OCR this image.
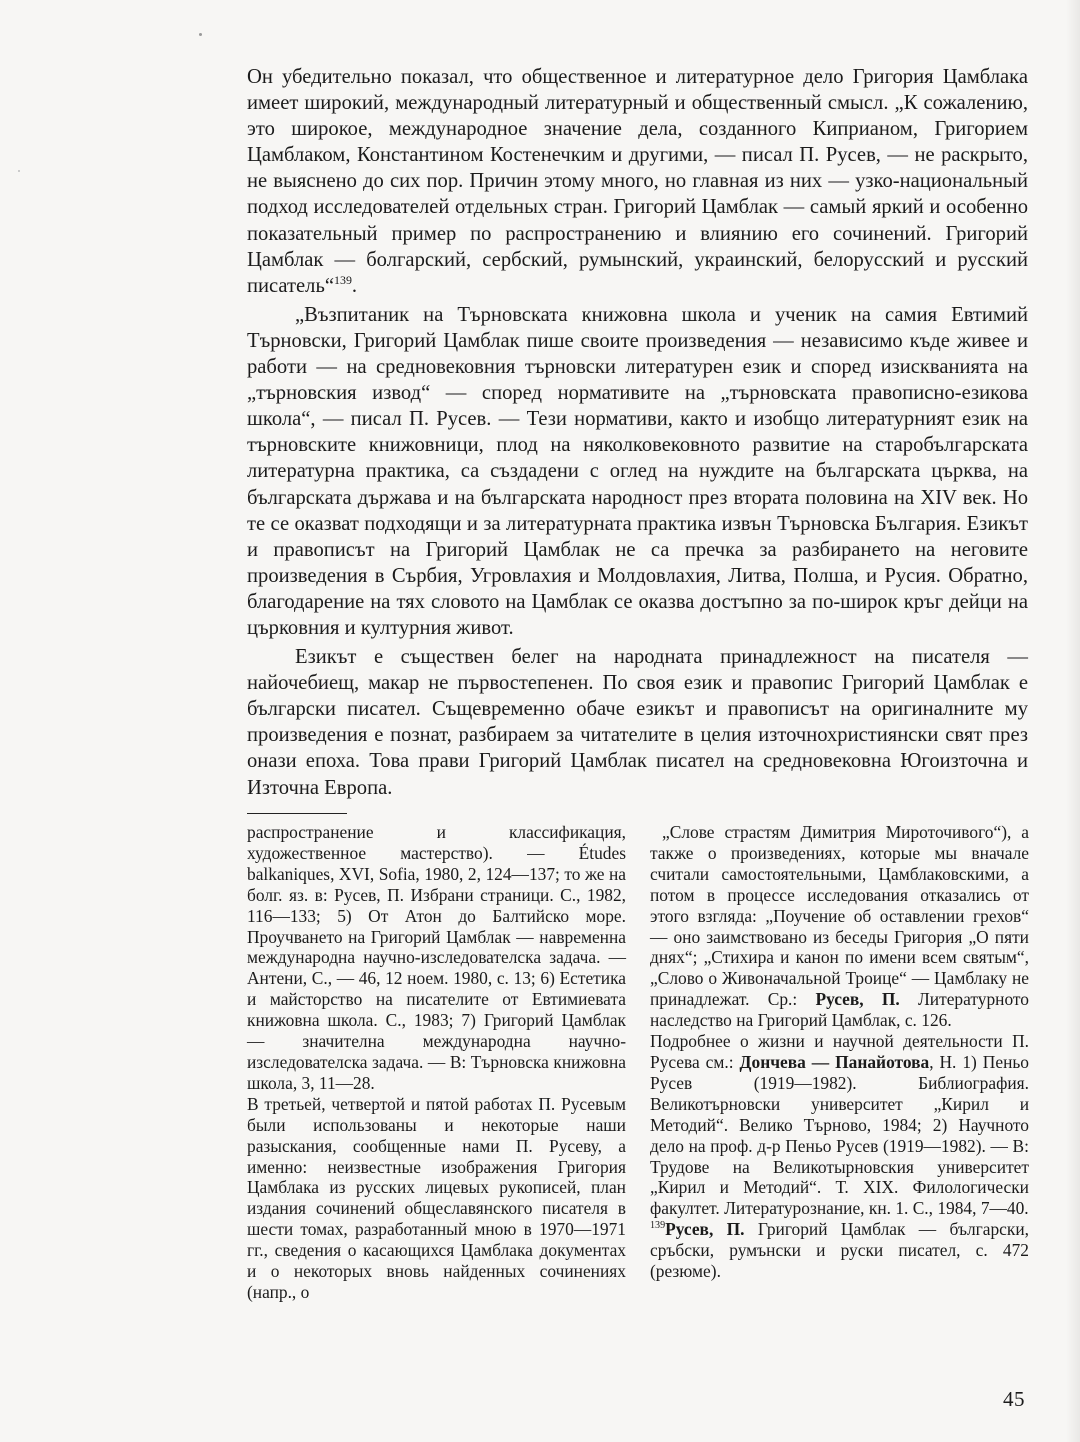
Он убедительно показал, что общественное и литературное дело Григория Цамблака имеет широкий, международный литературный и общественный смысл. „К сожалению, это широкое, международное значение дела, созданного Киприаном, Григорием Цамблаком, Константином Костенечким и другими, — писал П. Русев, — не раскрыто, не выяснено до сих пор. Причин этому много, но главная из них — узко-национальный подход исследователей отдельных стран. Григорий Цамблак — самый яркий и особенно показательный пример по распространению и влиянию его сочинений. Григорий Цамблак — болгарский, сербский, румынский, украинский, белорусский и русский писатель“$^{139}$.

„Възпитаник на Търновската книжовна школа и ученик на самия Евтимий Търновски, Григорий Цамблак пише своите произведения — независимо къде живее и работи — на средновековния търновски литературен език и според изискванията на „търновския извод“ — според нормативите на „търновската правописно-езикова школа“, — писал П. Русев. — Тези нормативи, както и изобщо литературният език на търновските книжовници, плод на няколковековното развитие на старобългарската литературна практика, са създадени с оглед на нуждите на българската църква, на българската държава и на българската народност през втората половина на XIV век. Но те се оказват подходящи и за литературната практика извън Търновска България. Езикът и правописът на Григорий Цамблак не са пречка за разбирането на неговите произведения в Сърбия, Угровлахия и Молдовлахия, Литва, Полша, и Русия. Обратно, благодарение на тях словото на Цамблак се оказва достъпно за по-широк кръг дейци на църковния и културния живот.

Езикът е съществен белег на народната принадлежност на писателя — найочебиещ, макар не първостепенен. По своя език и правопис Григорий Цамблак е български писател. Същевременно обаче езикът и правописът на оригиналните му произведения е познат, разбираем за читателите в целия източнохристиянски свят през онази епоха. Това прави Григорий Цамблак писател на средновековна Югоизточна и Източна Европа.

распространение и классификация, художественное мастерство). — Études balkaniques, XVI, Sofia, 1980, 2, 124—137; то же на болг. яз. в: Русев, П. Избрани страници. С., 1982, 116—133; 5) От Атон до Балтийско море. Проучването на Григорий Цамблак — навременна международна научно-изследователска задача. — Антени, С., — 46, 12 ноем. 1980, с. 13; 6) Естетика и майсторство на писателите от Евтимиевата книжовна школа. С., 1983; 7) Григорий Цамблак — значителна международна научно-изследователска задача. — В: Търновска книжовна школа, 3, 11—28.

В третьей, четвертой и пятой работах П. Русевым были использованы и некоторые наши разыскания, сообщенные нами П. Русеву, а именно: неизвестные изображения Григория Цамблака из русских лицевых рукописей, план издания сочинений общеславянского писателя в шести томах, разработанный мною в 1970—1971 гг., сведения о касающихся Цамблака документах и о некоторых вновь найденных сочинениях (напр., о

„Слове страстям Димитрия Мироточивого“), а также о произведениях, которые мы вначале считали самостоятельными, Цамблаковскими, а потом в процессе исследования отказались от этого взгляда: „Поучение об оставлении грехов“ — оно заимствовано из беседы Григория „О пяти днях“; „Стихира и канон по имени всем святым“, „Слово о Живоначальной Троице“ — Цамблаку не принадлежат. Ср.: Русев, П. Литературното наследство на Григорий Цамблак, с. 126.

Подробнее о жизни и научной деятельности П. Русева см.: Дончева — Панайотова, Н. 1) Пеньо Русев (1919—1982). Библиография. Великотърновски университет „Кирил и Методий“. Велико Търново, 1984; 2) Научното дело на проф. д-р Пеньо Русев (1919—1982). — В: Трудове на Великотырновския университет „Кирил и Методий“. Т. XIX. Филологически факултет. Литературознание, кн. 1. С., 1984, 7—40.

$^{139}$Русев, П. Григорий Цамблак — български, сръбски, румънски и руски писател, с. 472 (резюме).

45
